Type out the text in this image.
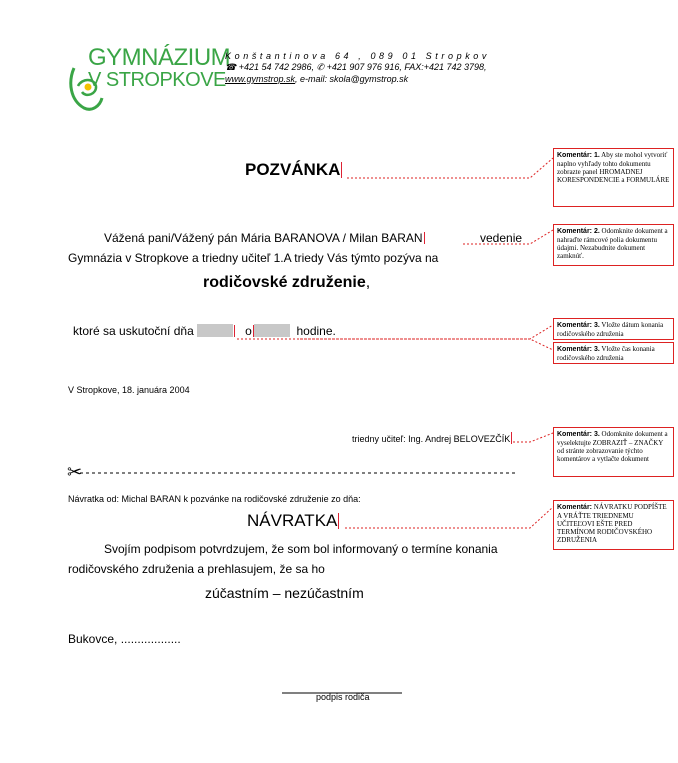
GYMNÁZIUM
V STROPKOVE
Konštantinova 64 , 089 01 Stropkov
☎ +421 54 742 2986, ✆ +421 907 976 916, FAX:+421 742 3798,
www.gymstrop.sk, e-mail: skola@gymstrop.sk
POZVÁNKA
Vážená pani/Vážený pán Mária BARANOVA / Milan BARAN	vedenie
Gymnázia v Stropkove a triedny učiteľ 1.A triedy Vás týmto pozýva na
rodičovské združenie,
ktoré sa uskutoční dňa	o	hodine.
V Stropkove, 18. januára 2004
triedny učiteľ: Ing. Andrej BELOVEZČÍK
✂
Návratka od: Michal BARAN k pozvánke na rodičovské združenie zo dňa:
NÁVRATKA
Svojím podpisom potvrdzujem, že som bol informovaný o termíne konania
rodičovského združenia a prehlasujem, že sa ho
zúčastním – nezúčastním
Bukovce, ..................
podpis rodiča
Komentár: 1. Aby ste mohol vytvoriť naplno vyhľady tohto dokumentu zobrazte panel HROMADNEJ KORESPONDENCIE a FORMULÁRE
Komentár: 2. Odomknite dokument a nahraďte rámcové polia dokumentu údajmi. Nezabudnite dokument zamknúť.
Komentár: 3. Vložte dátum konania rodičovského združenia
Komentár: 3. Vložte čas konania rodičovského združenia
Komentár: 3. Odomknite dokument a vyselektujte ZOBRAZIŤ – ZNAČKY od stránte zobrazovanie týchto komentárov a vytlačte dokument
Komentár: NÁVRATKU PODPÍŠTE A VRÁŤTE TRIEDNEMU UČITEĽOVI EŠTE PRED TERMÍNOM RODIČOVSKÉHO ZDRUŽENIA
